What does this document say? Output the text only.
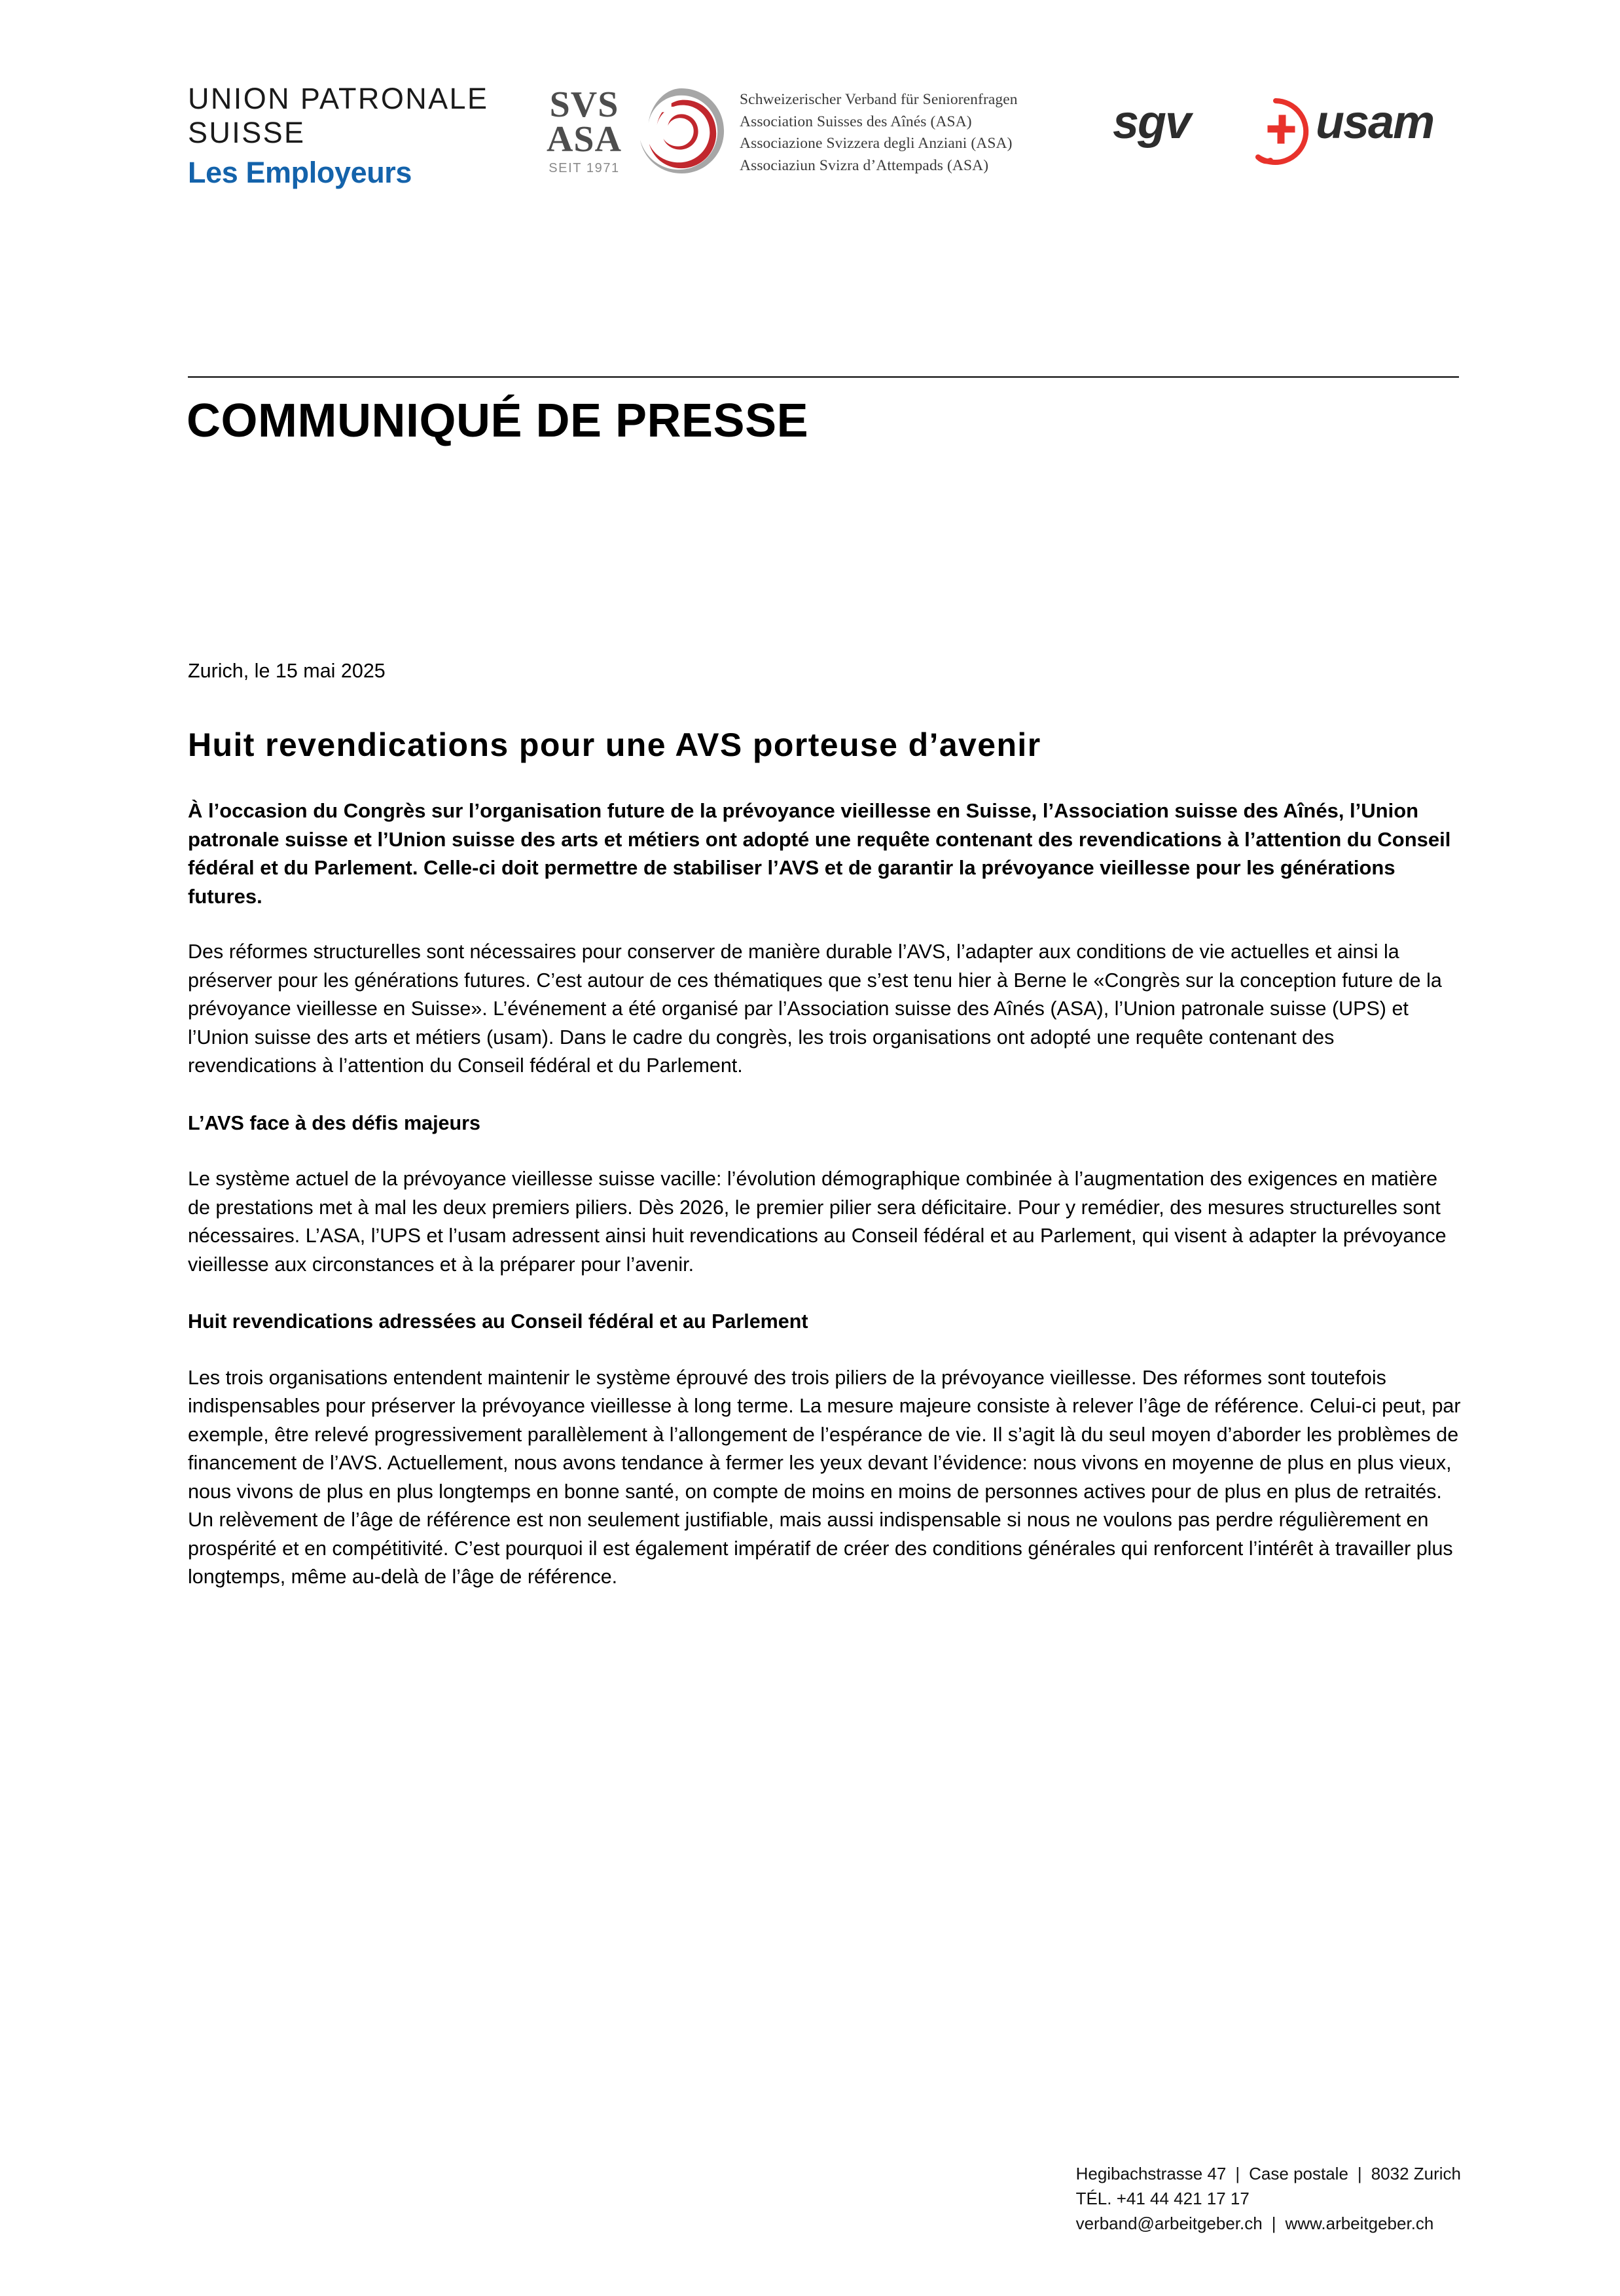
UNION PATRONALE
SUISSE
Les Employeurs
SVS
ASA
SEIT 1971
Schweizerischer Verband für Seniorenfragen
Association Suisses des Aînés (ASA)
Associazione Svizzera degli Anziani (ASA)
Associaziun Svizra d’Attempads (ASA)
sgv	usam
COMMUNIQUÉ DE PRESSE
Zurich, le 15 mai 2025
Huit revendications pour une AVS porteuse d’avenir

À l’occasion du Congrès sur l’organisation future de la prévoyance vieillesse en Suisse, l’Association suisse des Aînés, l’Union patronale suisse et l’Union suisse des arts et métiers ont adopté une requête contenant des revendications à l’attention du Conseil fédéral et du Parlement. Celle-ci doit permettre de stabiliser l’AVS et de garantir la prévoyance vieillesse pour les générations futures.

Des réformes structurelles sont nécessaires pour conserver de manière durable l’AVS, l’adapter aux conditions de vie actuelles et ainsi la préserver pour les générations futures. C’est autour de ces thématiques que s’est tenu hier à Berne le «Congrès sur la conception future de la prévoyance vieillesse en Suisse». L’événement a été organisé par l’Association suisse des Aînés (ASA), l’Union patronale suisse (UPS) et l’Union suisse des arts et métiers (usam). Dans le cadre du congrès, les trois organisations ont adopté une requête contenant des revendications à l’attention du Conseil fédéral et du Parlement.

L’AVS face à des défis majeurs

Le système actuel de la prévoyance vieillesse suisse vacille: l’évolution démographique combinée à l’augmentation des exigences en matière de prestations met à mal les deux premiers piliers. Dès 2026, le premier pilier sera déficitaire. Pour y remédier, des mesures structurelles sont nécessaires. L’ASA, l’UPS et l’usam adressent ainsi huit revendications au Conseil fédéral et au Parlement, qui visent à adapter la prévoyance vieillesse aux circonstances et à la préparer pour l’avenir.

Huit revendications adressées au Conseil fédéral et au Parlement

Les trois organisations entendent maintenir le système éprouvé des trois piliers de la prévoyance vieillesse. Des réformes sont toutefois indispensables pour préserver la prévoyance vieillesse à long terme. La mesure majeure consiste à relever l’âge de référence. Celui-ci peut, par exemple, être relevé progressivement parallèlement à l’allongement de l’espérance de vie. Il s’agit là du seul moyen d’aborder les problèmes de financement de l’AVS. Actuellement, nous avons tendance à fermer les yeux devant l’évidence: nous vivons en moyenne de plus en plus vieux, nous vivons de plus en plus longtemps en bonne santé, on compte de moins en moins de personnes actives pour de plus en plus de retraités. Un relèvement de l’âge de référence est non seulement justifiable, mais aussi indispensable si nous ne voulons pas perdre régulièrement en prospérité et en compétitivité. C’est pourquoi il est également impératif de créer des conditions générales qui renforcent l’intérêt à travailler plus longtemps, même au-delà de l’âge de référence.

Hegibachstrasse 47 | Case postale | 8032 Zurich
TÉL. +41 44 421 17 17
verband@arbeitgeber.ch | www.arbeitgeber.ch
